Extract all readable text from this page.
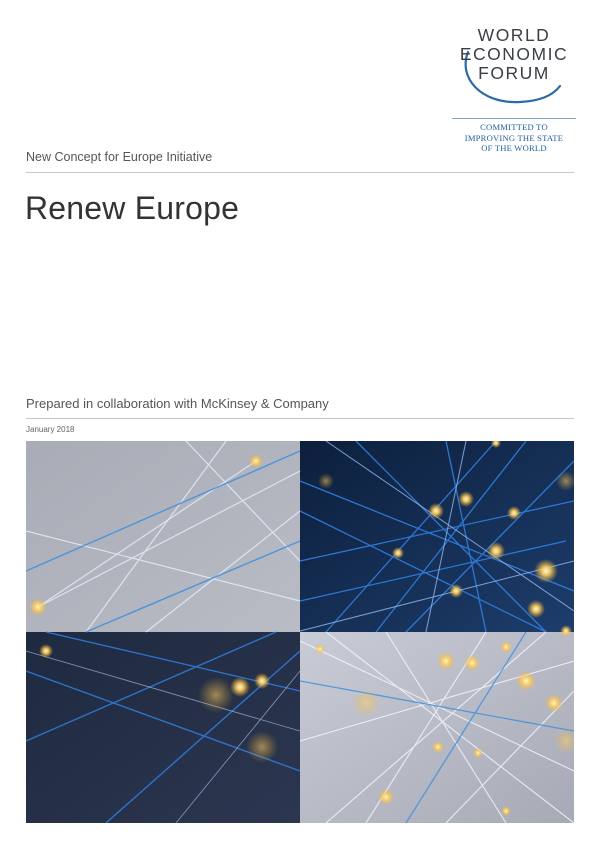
WORLD
ECONOMIC
FORUM
COMMITTED TO
IMPROVING THE STATE
OF THE WORLD
New Concept for Europe Initiative
Renew Europe
Prepared in collaboration with McKinsey & Company
January 2018
